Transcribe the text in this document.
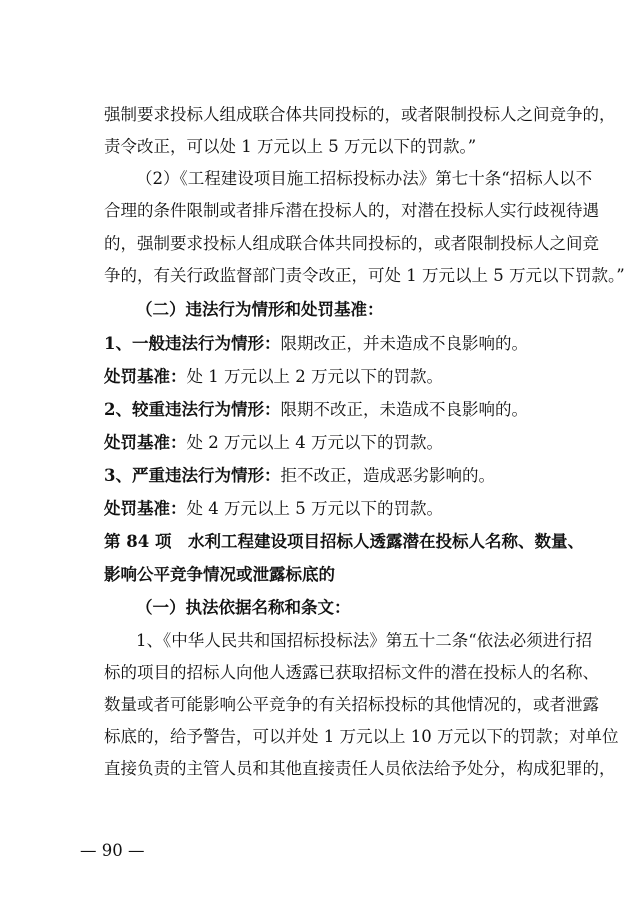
强制要求投标人组成联合体共同投标的，或者限制投标人之间竞争的，
责令改正，可以处 1 万元以上 5 万元以下的罚款。”
（2）《工程建设项目施工招标投标办法》第七十条“招标人以不
合理的条件限制或者排斥潜在投标人的，对潜在投标人实行歧视待遇
的，强制要求投标人组成联合体共同投标的，或者限制投标人之间竞
争的，有关行政监督部门责令改正，可处 1 万元以上 5 万元以下罚款。”
（二）违法行为情形和处罚基准：
1、一般违法行为情形：限期改正，并未造成不良影响的。
处罚基准：处 1 万元以上 2 万元以下的罚款。
2、较重违法行为情形：限期不改正，未造成不良影响的。
处罚基准：处 2 万元以上 4 万元以下的罚款。
3、严重违法行为情形：拒不改正，造成恶劣影响的。
处罚基准：处 4 万元以上 5 万元以下的罚款。
第 84 项　水利工程建设项目招标人透露潜在投标人名称、数量、
影响公平竞争情况或泄露标底的
（一）执法依据名称和条文：
1、《中华人民共和国招标投标法》第五十二条“依法必须进行招
标的项目的招标人向他人透露已获取招标文件的潜在投标人的名称、
数量或者可能影响公平竞争的有关招标投标的其他情况的，或者泄露
标底的，给予警告，可以并处 1 万元以上 10 万元以下的罚款；对单位
直接负责的主管人员和其他直接责任人员依法给予处分，构成犯罪的，
— 90 —
